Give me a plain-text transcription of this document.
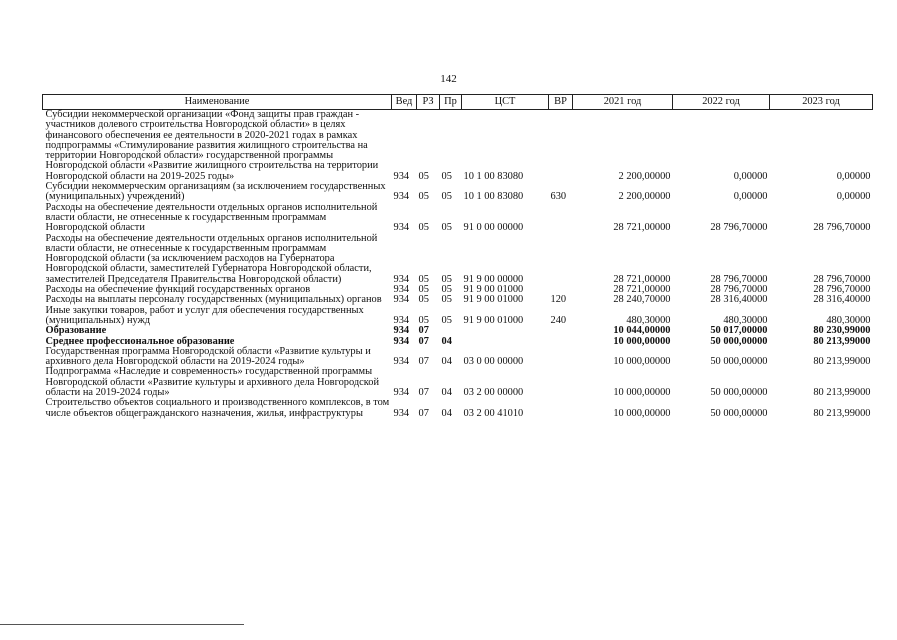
142
Наименование	Вед	РЗ	Пр	ЦСТ	ВР	2021 год	2022 год	2023 год
Субсидии некоммерческой организации «Фонд защиты прав граждан - участников долевого строительства Новгородской области» в целях финансового обеспечения ее деятельности в 2020-2021 годах в рамках подпрограммы «Стимулирование развития жилищного строительства на территории Новгородской области» государственной программы Новгородской области «Развитие жилищного строительства на территории Новгородской области на 2019-2025 годы»	934	05	05	10 1 00 83080		2 200,00000	0,00000	0,00000
Субсидии некоммерческим организациям (за исключением государственных (муниципальных) учреждений)	934	05	05	10 1 00 83080	630	2 200,00000	0,00000	0,00000
Расходы на обеспечение деятельности отдельных органов исполнительной власти области, не отнесенные к государственным программам Новгородской области	934	05	05	91 0 00 00000		28 721,00000	28 796,70000	28 796,70000
Расходы на обеспечение деятельности отдельных органов исполнительной власти области, не отнесенные к государственным программам Новгородской области (за исключением расходов на Губернатора Новгородской области, заместителей Губернатора Новгородской области, заместителей Председателя Правительства Новгородской области)	934	05	05	91 9 00 00000		28 721,00000	28 796,70000	28 796,70000
Расходы на обеспечение функций государственных органов	934	05	05	91 9 00 01000		28 721,00000	28 796,70000	28 796,70000
Расходы на выплаты персоналу государственных (муниципальных) органов	934	05	05	91 9 00 01000	120	28 240,70000	28 316,40000	28 316,40000
Иные закупки товаров, работ и услуг для обеспечения государственных (муниципальных) нужд	934	05	05	91 9 00 01000	240	480,30000	480,30000	480,30000
Образование	934	07				10 044,00000	50 017,00000	80 230,99000
Среднее профессиональное образование	934	07	04			10 000,00000	50 000,00000	80 213,99000
Государственная программа Новгородской области «Развитие культуры и архивного дела Новгородской области на 2019-2024 годы»	934	07	04	03 0 00 00000		10 000,00000	50 000,00000	80 213,99000
Подпрограмма «Наследие и современность» государственной программы Новгородской области «Развитие культуры и архивного дела Новгородской области на 2019-2024 годы»	934	07	04	03 2 00 00000		10 000,00000	50 000,00000	80 213,99000
Строительство объектов социального и производственного комплексов, в том числе объектов общегражданского назначения, жилья, инфраструктуры	934	07	04	03 2 00 41010		10 000,00000	50 000,00000	80 213,99000
